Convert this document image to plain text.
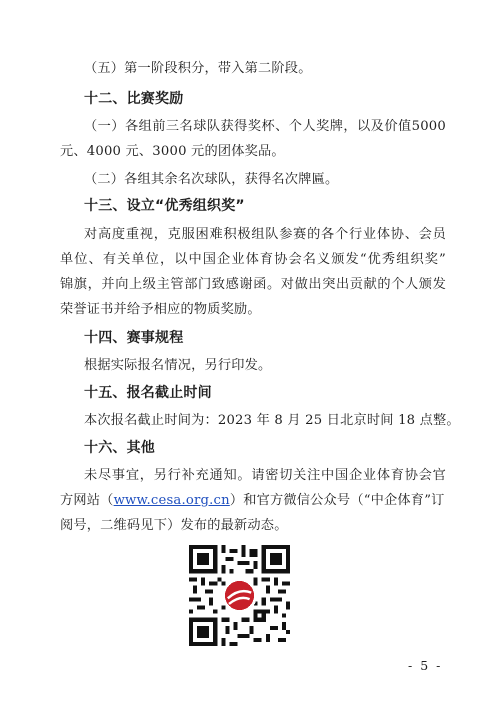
（五）第一阶段积分，带入第二阶段。
十二、比赛奖励
（一）各组前三名球队获得奖杯、个人奖牌，以及价值5000
元、4000 元、3000 元的团体奖品。
（二）各组其余名次球队，获得名次牌匾。
十三、设立“优秀组织奖”
对高度重视，克服困难积极组队参赛的各个行业体协、会员
单位、有关单位，以中国企业体育协会名义颁发“优秀组织奖”
锦旗，并向上级主管部门致感谢函。对做出突出贡献的个人颁发
荣誉证书并给予相应的物质奖励。
十四、赛事规程
根据实际报名情况，另行印发。
十五、报名截止时间
本次报名截止时间为：2023 年 8 月 25 日北京时间 18 点整。
十六、其他
未尽事宜，另行补充通知。请密切关注中国企业体育协会官
方网站（www.cesa.org.cn）和官方微信公众号（“中企体育”订
阅号，二维码见下）发布的最新动态。
- 5 -
